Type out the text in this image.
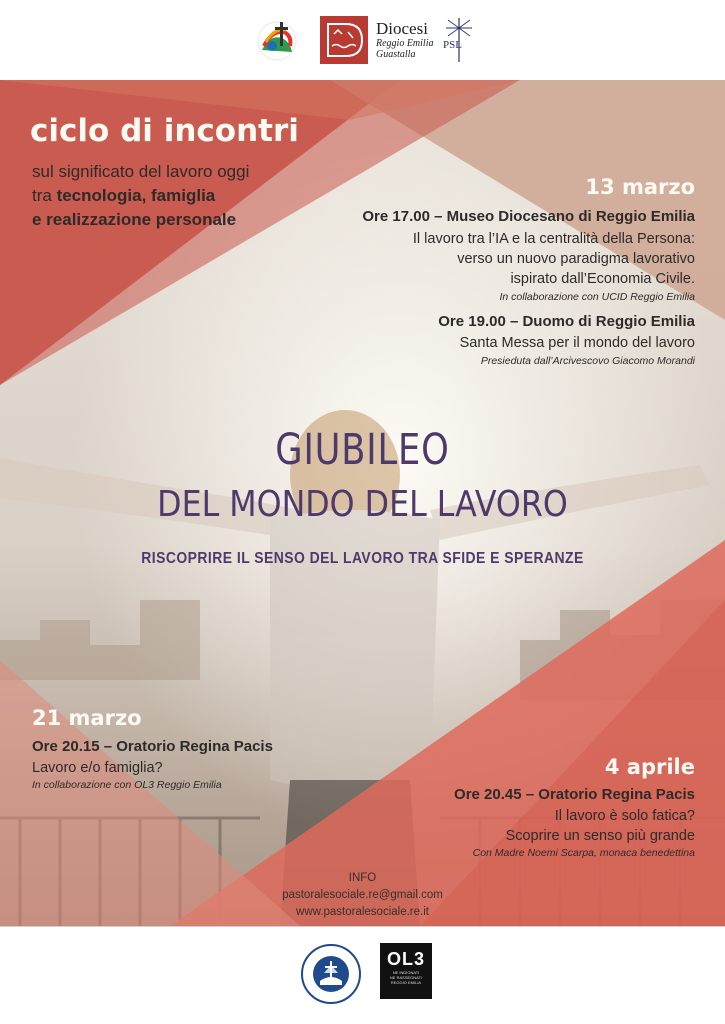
Diocesi
Reggio Emilia
Guastalla
PSL
ciclo di incontri
sul significato del lavoro oggi
tra tecnologia, famiglia
e realizzazione personale
13 marzo
Ore 17.00 – Museo Diocesano di Reggio Emilia
Il lavoro tra l’IA e la centralità della Persona:
verso un nuovo paradigma lavorativo
ispirato dall’Economia Civile.
In collaborazione con UCID Reggio Emilia
Ore 19.00 – Duomo di Reggio Emilia
Santa Messa per il mondo del lavoro
Presieduta dall’Arcivescovo Giacomo Morandi
GIUBILEO
DEL MONDO DEL LAVORO
RISCOPRIRE IL SENSO DEL LAVORO TRA SFIDE E SPERANZE
21 marzo
Ore 20.15 – Oratorio Regina Pacis
Lavoro e/o famiglia?
In collaborazione con OL3 Reggio Emilia
4 aprile
Ore 20.45 – Oratorio Regina Pacis
Il lavoro è solo fatica?
Scoprire un senso più grande
Con Madre Noemi Scarpa, monaca benedettina
INFO
pastoralesociale.re@gmail.com
www.pastoralesociale.re.it
OL3
NE INDIGNATI
NE RASSEGNATI
REGGIO EMILIA
